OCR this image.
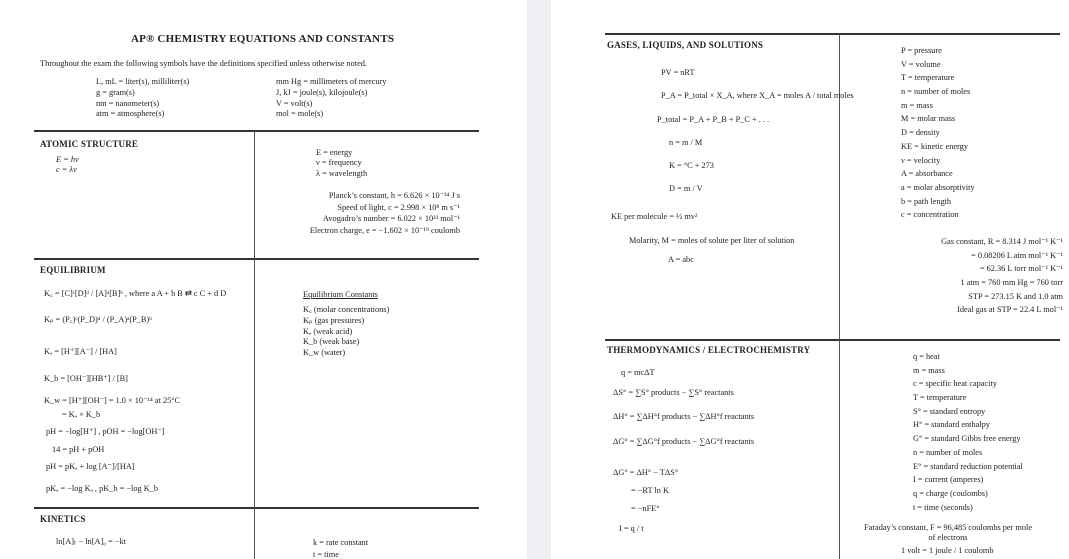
AP® CHEMISTRY EQUATIONS AND CONSTANTS
Throughout the exam the following symbols have the definitions specified unless otherwise noted.
L, mL = liter(s), milliliter(s)
g = gram(s)
nm = nanometer(s)
atm = atmosphere(s)
mm Hg = millimeters of mercury
J, kJ = joule(s), kilojoule(s)
V = volt(s)
mol = mole(s)
ATOMIC STRUCTURE
E = hν
c = λν
E = energy
ν = frequency
λ = wavelength
Planck’s constant, h = 6.626 × 10⁻³⁴ J s
Speed of light, c = 2.998 × 10⁸ m s⁻¹
Avogadro’s number = 6.022 × 10²³ mol⁻¹
Electron charge, e = −1.602 × 10⁻¹⁹ coulomb
EQUILIBRIUM
K꜀ = [C]ᶜ[D]ᵈ / [A]ᵃ[B]ᵇ , where a A + b B ⇄ c C + d D
Kₚ = (P꜀)ᶜ(P_D)ᵈ / (P_A)ᵃ(P_B)ᵇ
Kₐ = [H⁺][A⁻] / [HA]
K_b = [OH⁻][HB⁺] / [B]
K_w = [H⁺][OH⁻] = 1.0 × 10⁻¹⁴ at 25°C
= Kₐ × K_b
pH = −log[H⁺] , pOH = −log[OH⁻]
14 = pH + pOH
pH = pKₐ + log [A⁻]/[HA]
pKₐ = −log Kₐ , pK_b = −log K_b
Equilibrium Constants
K꜀ (molar concentrations)
Kₚ (gas pressures)
Kₐ (weak acid)
K_b (weak base)
K_w (water)
KINETICS
ln[A]ₜ − ln[A]₀ = −kt	k = rate constant
t = time
GASES, LIQUIDS, AND SOLUTIONS
PV = nRT
P_A = P_total × X_A, where X_A = moles A / total moles
P_total = P_A + P_B + P_C + . . .
n = m / M
K = °C + 273
D = m / V
KE per molecule = ½ mv²
Molarity, M = moles of solute per liter of solution
A = abc
P = pressure
V = volume
T = temperature
n = number of moles
m = mass
M = molar mass
D = density
KE = kinetic energy
ν = velocity
A = absorbance
a = molar absorptivity
b = path length
c = concentration
Gas constant, R = 8.314 J mol⁻¹ K⁻¹
= 0.08206 L atm mol⁻¹ K⁻¹
= 62.36 L torr mol⁻¹ K⁻¹
1 atm = 760 mm Hg = 760 torr
STP = 273.15 K and 1.0 atm
Ideal gas at STP = 22.4 L mol⁻¹
THERMODYNAMICS / ELECTROCHEMISTRY
q = mcΔT
ΔS° = ∑S° products − ∑S° reactants
ΔH° = ∑ΔH°f products − ∑ΔH°f reactants
ΔG° = ∑ΔG°f products − ∑ΔG°f reactants
ΔG° = ΔH° − TΔS°
= −RT ln K
= −nFE°
I = q / t
q = heat
m = mass
c = specific heat capacity
T = temperature
S° = standard entropy
H° = standard enthalpy
G° = standard Gibbs free energy
n = number of moles
E° = standard reduction potential
I = current (amperes)
q = charge (coulombs)
t = time (seconds)
Faraday’s constant, F = 96,485 coulombs per mole
of electrons
1 volt = 1 joule / 1 coulomb
